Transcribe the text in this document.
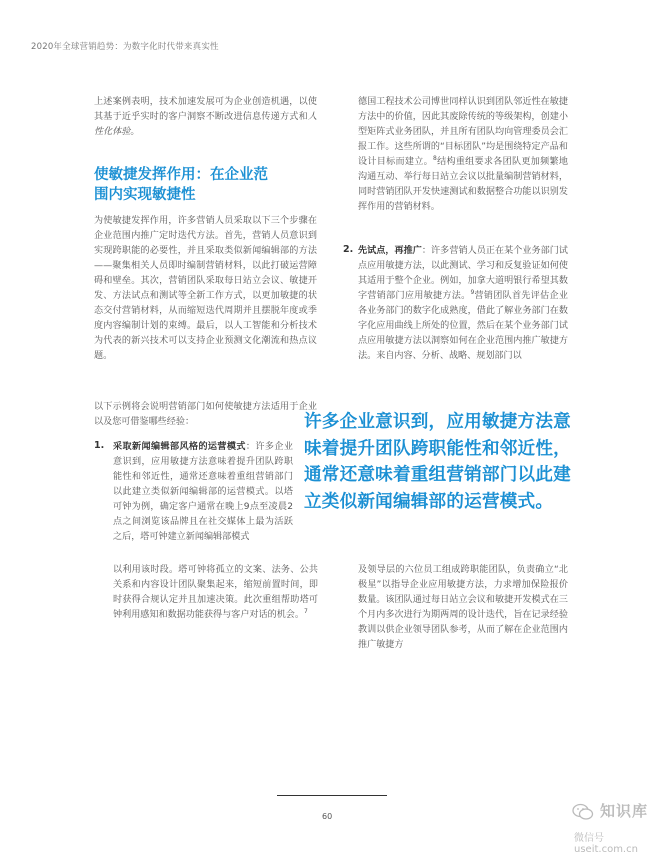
2020年全球营销趋势：为数字化时代带来真实性

上述案例表明，技术加速发展可为企业创造机遇，以使其基于近乎实时的客户洞察不断改进信息传递方式和人性化体验。

使敏捷发挥作用：在企业范围内实现敏捷性
为使敏捷发挥作用，许多营销人员采取以下三个步骤在企业范围内推广定时迭代方法。首先，营销人员意识到实现跨职能的必要性，并且采取类似新闻编辑部的方法——聚集相关人员即时编制营销材料，以此打破运营障碍和壁垒。其次，营销团队采取每日站立会议、敏捷开发、方法试点和测试等全新工作方式，以更加敏捷的状态交付营销材料，从而缩短迭代周期并且摆脱年度或季度内容编制计划的束缚。最后，以人工智能和分析技术为代表的新兴技术可以支持企业预测文化潮流和热点议题。
以下示例将会说明营销部门如何使敏捷方法适用于企业以及您可借鉴哪些经验：
1. 采取新闻编辑部风格的运营模式：许多企业意识到，应用敏捷方法意味着提升团队跨职能性和邻近性，通常还意味着重组营销部门以此建立类似新闻编辑部的运营模式。以塔可钟为例，确定客户通常在晚上9点至凌晨2点之间浏览该品牌且在社交媒体上最为活跃之后，塔可钟建立新闻编辑部模式
以利用该时段。塔可钟将孤立的文案、法务、公共关系和内容设计团队聚集起来，缩短前置时间，即时获得合规认定并且加速决策。此次重组帮助塔可钟利用感知和数据功能获得与客户对话的机会。$^7$
德国工程技术公司博世同样认识到团队邻近性在敏捷方法中的价值，因此其废除传统的等级架构，创建小型矩阵式业务团队，并且所有团队均向管理委员会汇报工作。这些所谓的“目标团队”均是围绕特定产品和设计目标而建立。$^8$结构重组要求各团队更加频繁地沟通互动、举行每日站立会议以批量编制营销材料，同时营销团队开发快速测试和数据整合功能以识别发挥作用的营销材料。
2. 先试点，再推广：许多营销人员正在某个业务部门试点应用敏捷方法，以此测试、学习和反复验证如何使其适用于整个企业。例如，加拿大道明银行希望其数字营销部门应用敏捷方法。$^9$营销团队首先评估企业各业务部门的数字化成熟度，借此了解业务部门在数字化应用曲线上所处的位置，然后在某个业务部门试点应用敏捷方法以洞察如何在企业范围内推广敏捷方法。来自内容、分析、战略、规划部门以
许多企业意识到，应用敏捷方法意味着提升团队跨职能性和邻近性，通常还意味着重组营销部门以此建立类似新闻编辑部的运营模式。
及领导层的六位员工组成跨职能团队，负责确立“北极星”以指导企业应用敏捷方法，力求增加保险报价数量。该团队通过每日站立会议和敏捷开发模式在三个月内多次进行为期两周的设计迭代，旨在记录经验教训以供企业领导团队参考，从而了解在企业范围内推广敏捷方
60	知识库
微信号 useit.com.cn
